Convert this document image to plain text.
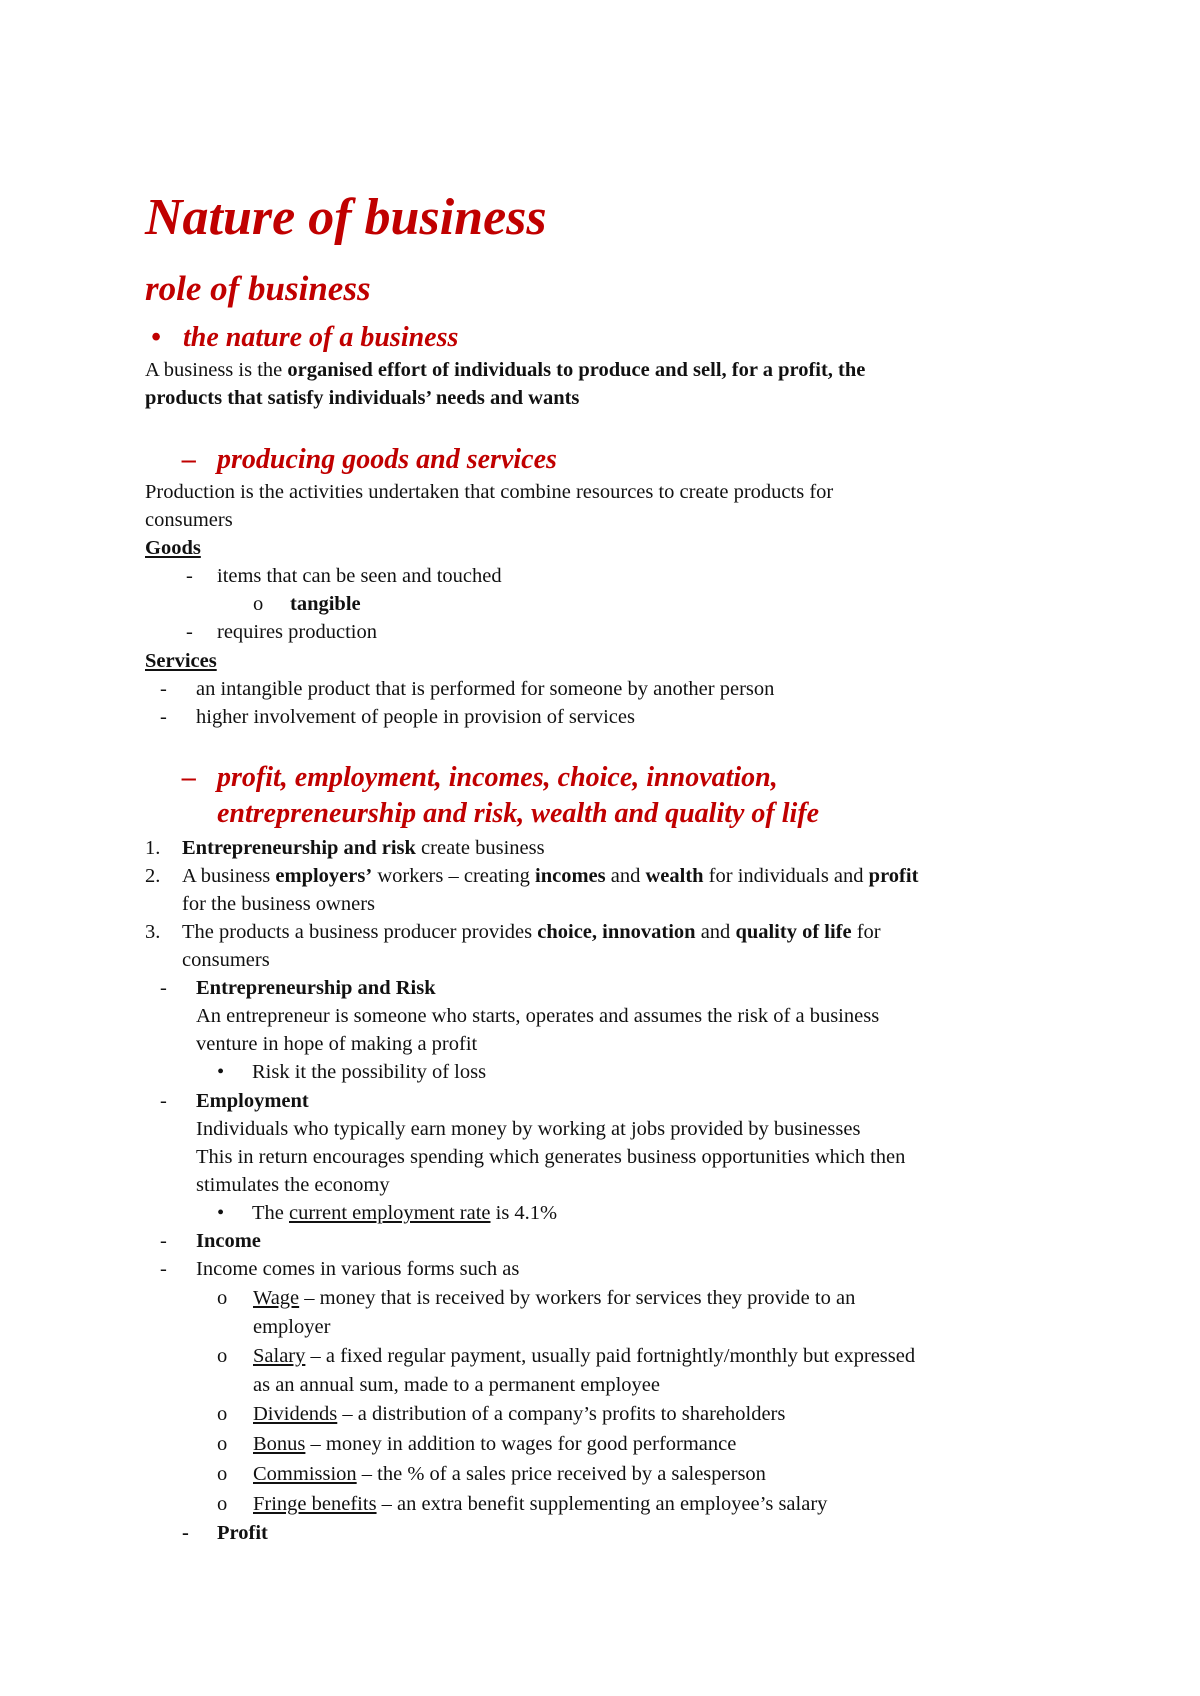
Nature of business
role of business
• the nature of a business
A business is the organised effort of individuals to produce and sell, for a profit, the
products that satisfy individuals’ needs and wants
– producing goods and services
Production is the activities undertaken that combine resources to create products for
consumers
Goods
- items that can be seen and touched
o tangible
- requires production
Services
- an intangible product that is performed for someone by another person
- higher involvement of people in provision of services
– profit, employment, incomes, choice, innovation,
entrepreneurship and risk, wealth and quality of life
1. Entrepreneurship and risk create business
2. A business employers’ workers – creating incomes and wealth for individuals and profit
for the business owners
3. The products a business producer provides choice, innovation and quality of life for
consumers
- Entrepreneurship and Risk
An entrepreneur is someone who starts, operates and assumes the risk of a business
venture in hope of making a profit
• Risk it the possibility of loss
- Employment
Individuals who typically earn money by working at jobs provided by businesses
This in return encourages spending which generates business opportunities which then
stimulates the economy
• The current employment rate is 4.1%
- Income
- Income comes in various forms such as
o Wage – money that is received by workers for services they provide to an
employer
o Salary – a fixed regular payment, usually paid fortnightly/monthly but expressed
as an annual sum, made to a permanent employee
o Dividends – a distribution of a company’s profits to shareholders
o Bonus – money in addition to wages for good performance
o Commission – the % of a sales price received by a salesperson
o Fringe benefits – an extra benefit supplementing an employee’s salary
- Profit
